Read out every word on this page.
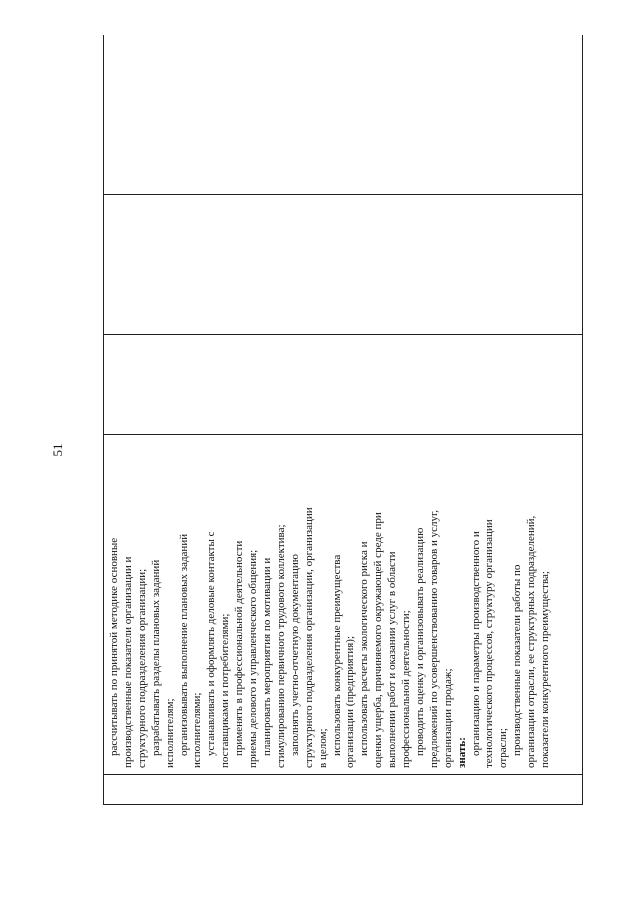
51

рассчитывать по принятой методике основные производственные показатели организации и структурного подразделения организации; разрабатывать разделы плановых заданий исполнителям; организовывать выполнение плановых заданий исполнителями; устанавливать и оформлять деловые контакты с поставщиками и потребителями; применять в профессиональной деятельности приемы делового и управленческого общения; планировать мероприятия по мотивации и стимулированию первичного трудового коллектива; заполнять учетно-отчетную документацию структурного подразделения организации, организации в целом; использовать конкурентные преимущества организации (предприятия); использовать расчеты экологического риска и оценки ущерба, причиняемого окружающей среде при выполнении работ и оказании услуг в области профессиональной деятельности; проводить оценку и организовывать реализацию предложений по усовершенствованию товаров и услуг, организации продаж; знать: организацию и параметры производственного и технологического процессов, структуру организации отрасли; производственные показатели работы по организации отрасли, ее структурных подразделений, показатели конкурентного преимущества;
